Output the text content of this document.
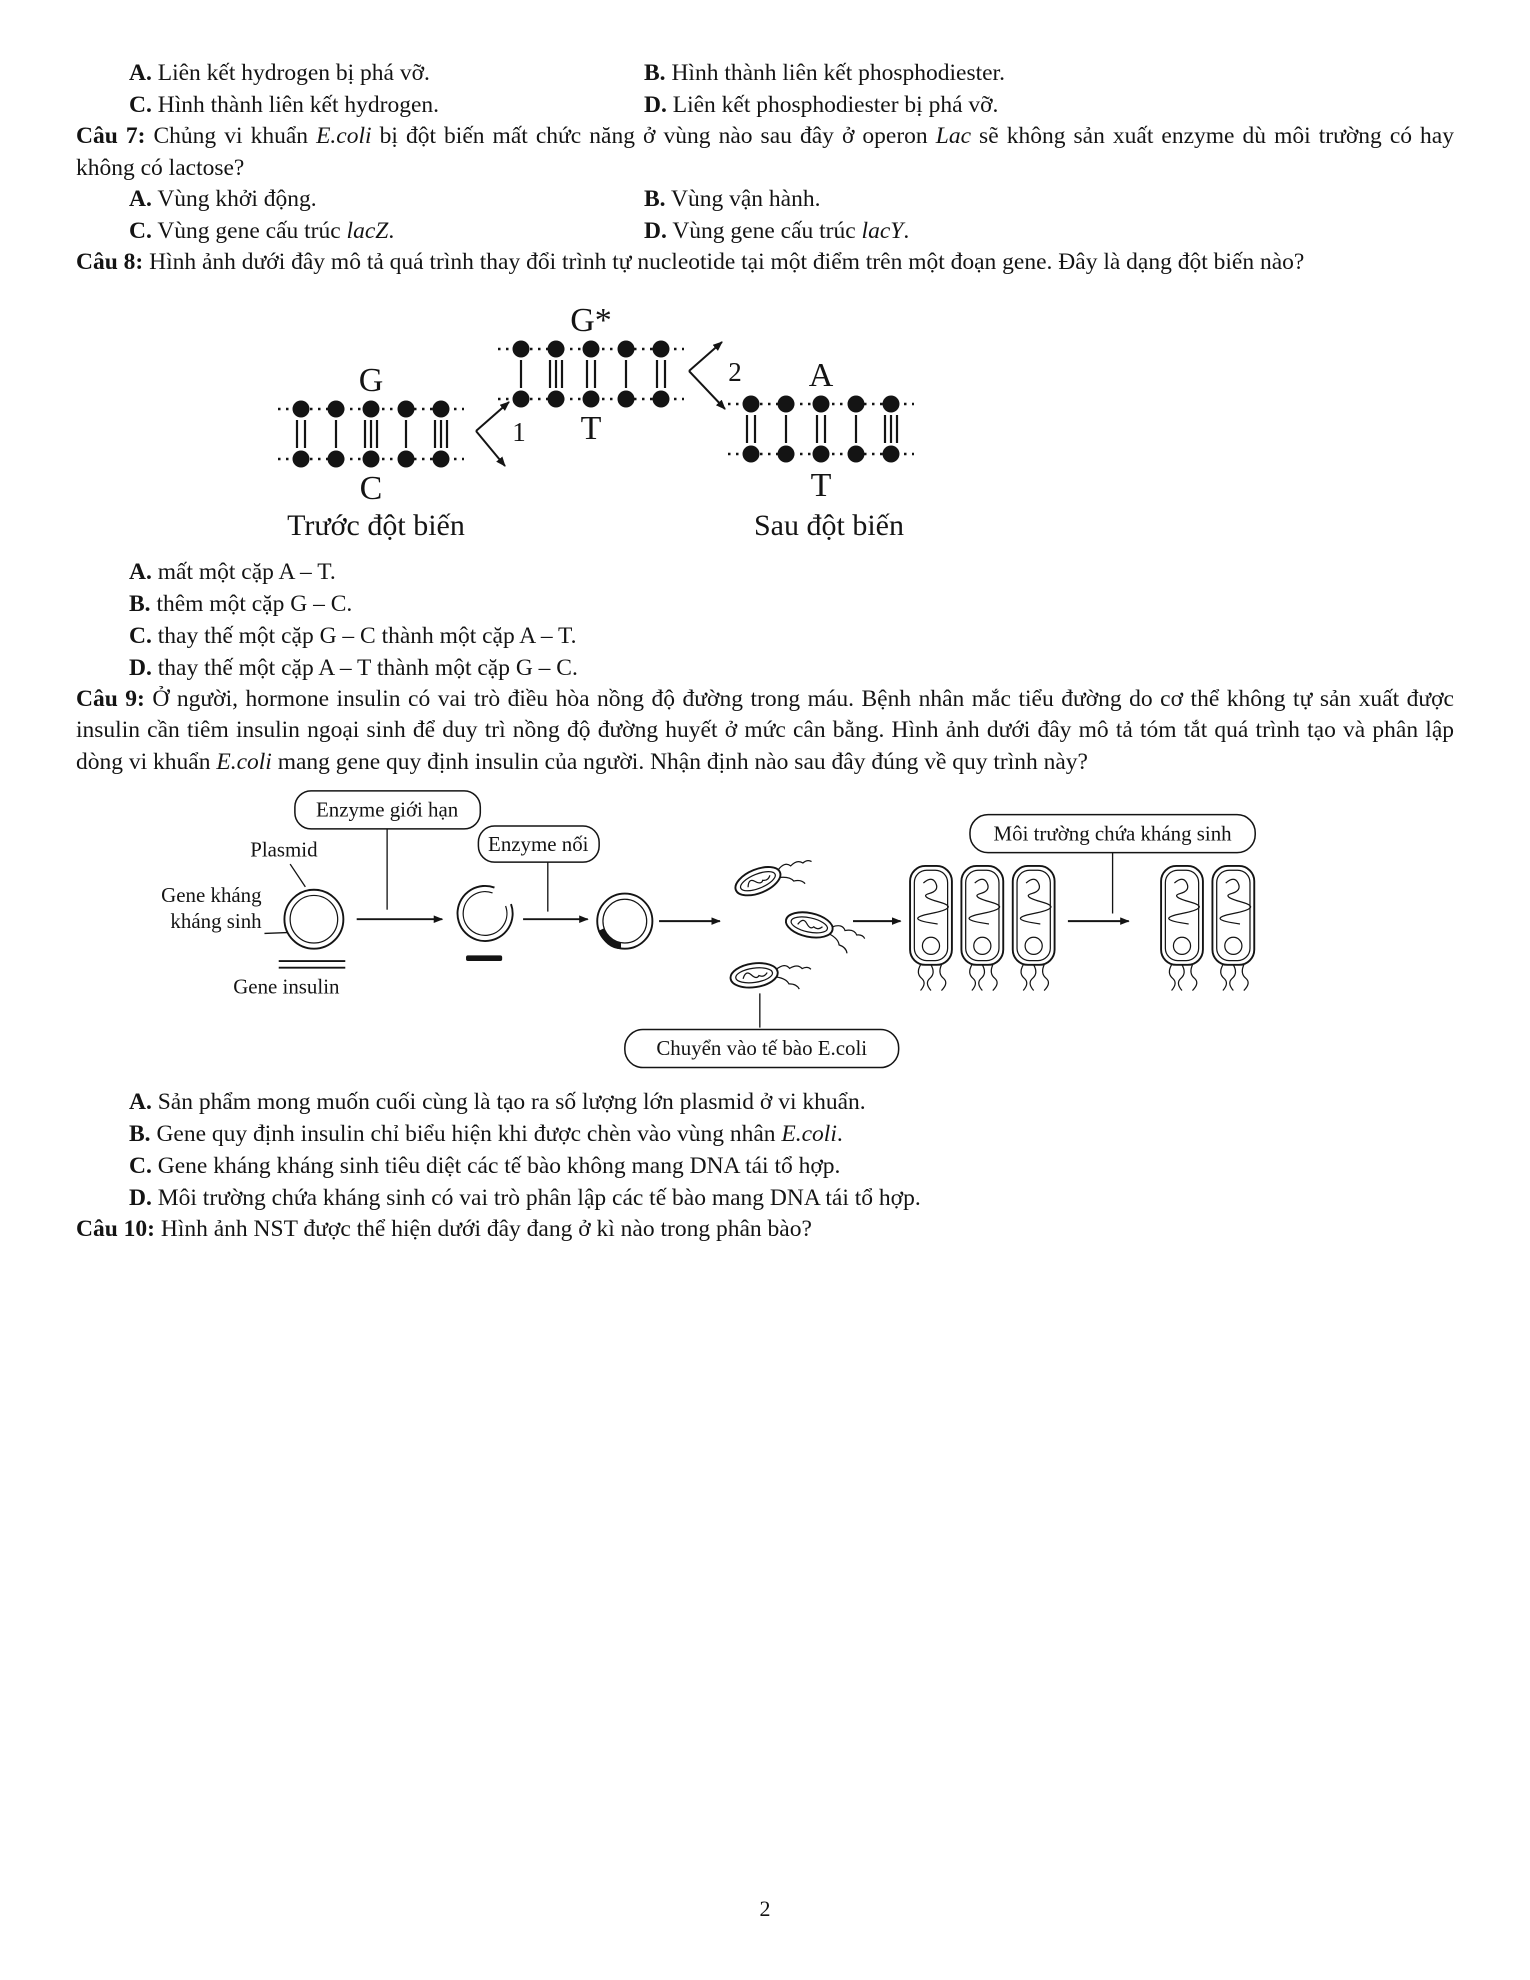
A. Liên kết hydrogen bị phá vỡ.	B. Hình thành liên kết phosphodiester.
C. Hình thành liên kết hydrogen.	D. Liên kết phosphodiester bị phá vỡ.

Câu 7: Chủng vi khuẩn E.coli bị đột biến mất chức năng ở vùng nào sau đây ở operon Lac sẽ không sản xuất enzyme dù môi trường có hay không có lactose?

A. Vùng khởi động.	B. Vùng vận hành.
C. Vùng gene cấu trúc lacZ.	D. Vùng gene cấu trúc lacY.

Câu 8: Hình ảnh dưới đây mô tả quá trình thay đổi trình tự nucleotide tại một điểm trên một đoạn gene. Đây là dạng đột biến nào?

G
C
Trước đột biến
1
G*
T
2 A
T
Sau đột biến
A. mất một cặp A – T.
B. thêm một cặp G – C.
C. thay thế một cặp G – C thành một cặp A – T.
D. thay thế một cặp A – T thành một cặp G – C.

Câu 9: Ở người, hormone insulin có vai trò điều hòa nồng độ đường trong máu. Bệnh nhân mắc tiểu đường do cơ thể không tự sản xuất được insulin cần tiêm insulin ngoại sinh để duy trì nồng độ đường huyết ở mức cân bằng. Hình ảnh dưới đây mô tả tóm tắt quá trình tạo và phân lập dòng vi khuẩn E.coli mang gene quy định insulin của người. Nhận định nào sau đây đúng về quy trình này?

Enzyme giới hạn
Plasmid
Gene kháng
kháng sinh
Gene insulin
Enzyme nối
Chuyển vào tế bào E.coli
Môi trường chứa kháng sinh
A. Sản phẩm mong muốn cuối cùng là tạo ra số lượng lớn plasmid ở vi khuẩn.
B. Gene quy định insulin chỉ biểu hiện khi được chèn vào vùng nhân E.coli.
C. Gene kháng kháng sinh tiêu diệt các tế bào không mang DNA tái tổ hợp.
D. Môi trường chứa kháng sinh có vai trò phân lập các tế bào mang DNA tái tổ hợp.

Câu 10: Hình ảnh NST được thể hiện dưới đây đang ở kì nào trong phân bào?

2
